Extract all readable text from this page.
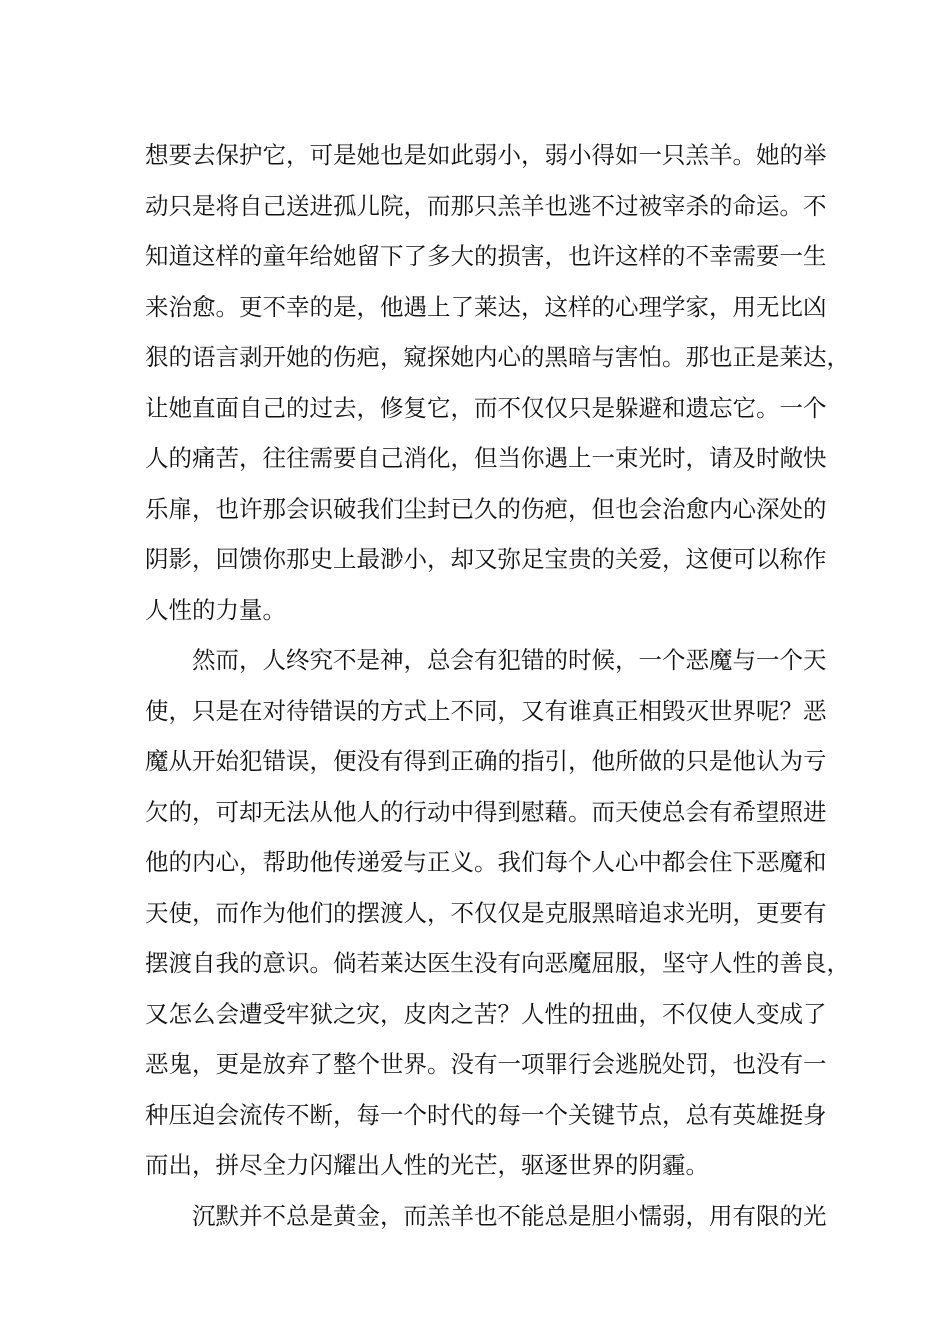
想要去保护它，可是她也是如此弱小，弱小得如一只羔羊。她的举
动只是将自己送进孤儿院，而那只羔羊也逃不过被宰杀的命运。不
知道这样的童年给她留下了多大的损害，也许这样的不幸需要一生
来治愈。更不幸的是，他遇上了莱达，这样的心理学家，用无比凶
狠的语言剥开她的伤疤，窥探她内心的黑暗与害怕。那也正是莱达，
让她直面自己的过去，修复它，而不仅仅只是躲避和遗忘它。一个
人的痛苦，往往需要自己消化，但当你遇上一束光时，请及时敞快
乐扉，也许那会识破我们尘封已久的伤疤，但也会治愈内心深处的
阴影，回馈你那史上最渺小，却又弥足宝贵的关爱，这便可以称作
人性的力量。
然而，人终究不是神，总会有犯错的时候，一个恶魔与一个天
使，只是在对待错误的方式上不同，又有谁真正相毁灭世界呢？恶
魔从开始犯错误，便没有得到正确的指引，他所做的只是他认为亏
欠的，可却无法从他人的行动中得到慰藉。而天使总会有希望照进
他的内心，帮助他传递爱与正义。我们每个人心中都会住下恶魔和
天使，而作为他们的摆渡人，不仅仅是克服黑暗追求光明，更要有
摆渡自我的意识。倘若莱达医生没有向恶魔屈服，坚守人性的善良，
又怎么会遭受牢狱之灾，皮肉之苦？人性的扭曲，不仅使人变成了
恶鬼，更是放弃了整个世界。没有一项罪行会逃脱处罚，也没有一
种压迫会流传不断，每一个时代的每一个关键节点，总有英雄挺身
而出，拼尽全力闪耀出人性的光芒，驱逐世界的阴霾。
沉默并不总是黄金，而羔羊也不能总是胆小懦弱，用有限的光
